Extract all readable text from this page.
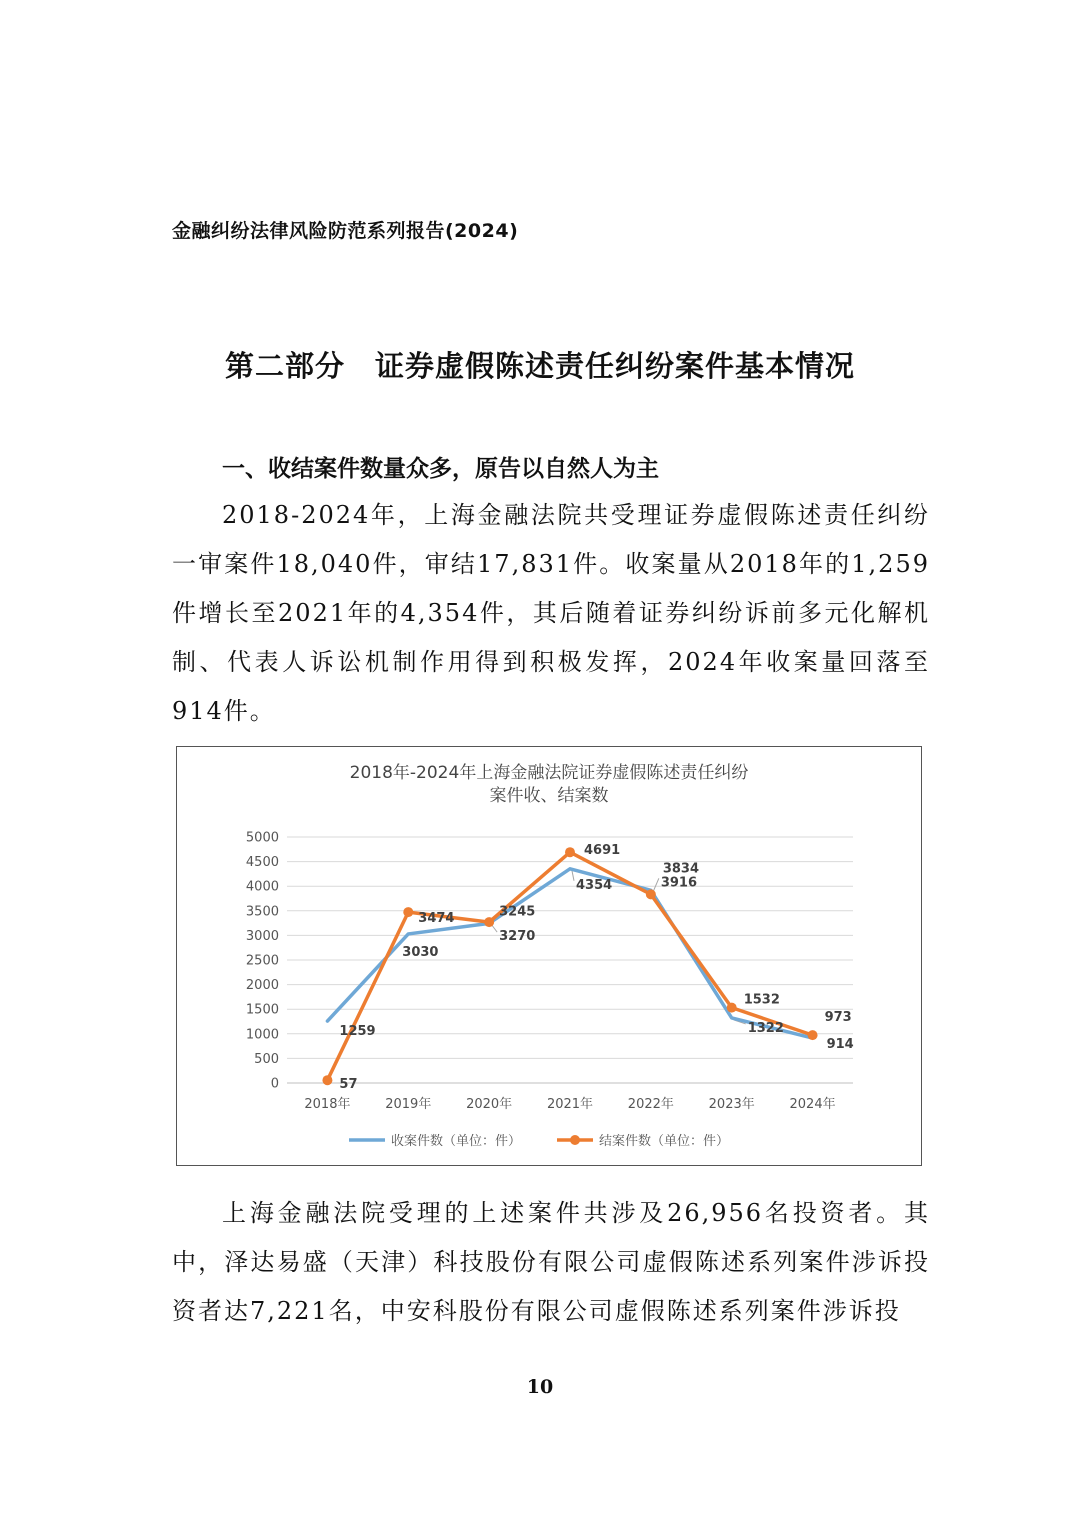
金融纠纷法律风险防范系列报告(2024)
第二部分　证券虚假陈述责任纠纷案件基本情况
一、收结案件数量众多，原告以自然人为主

2018-2024年，上海金融法院共受理证券虚假陈述责任纠纷一审案件18,040件，审结17,831件。收案量从2018年的1,259件增长至2021年的4,354件，其后随着证券纠纷诉前多元化解机制、代表人诉讼机制作用得到积极发挥，2024年收案量回落至914件。

2018年-2024年上海金融法院证券虚假陈述责任纠纷
案件收、结案数
0
500
1000
1500
2000
2500
3000
3500
4000
4500
5000
2018年	2019年	2020年	2021年	2022年	2023年	2024年
1259
3030
3245
4354	3916
1322
914
57
3474
3270
4691
3834
1532
973
收案件数（单位：件）	结案件数（单位：件）

上海金融法院受理的上述案件共涉及26,956名投资者。其中，泽达易盛（天津）科技股份有限公司虚假陈述系列案件涉诉投资者达7,221名，中安科股份有限公司虚假陈述系列案件涉诉投

10
